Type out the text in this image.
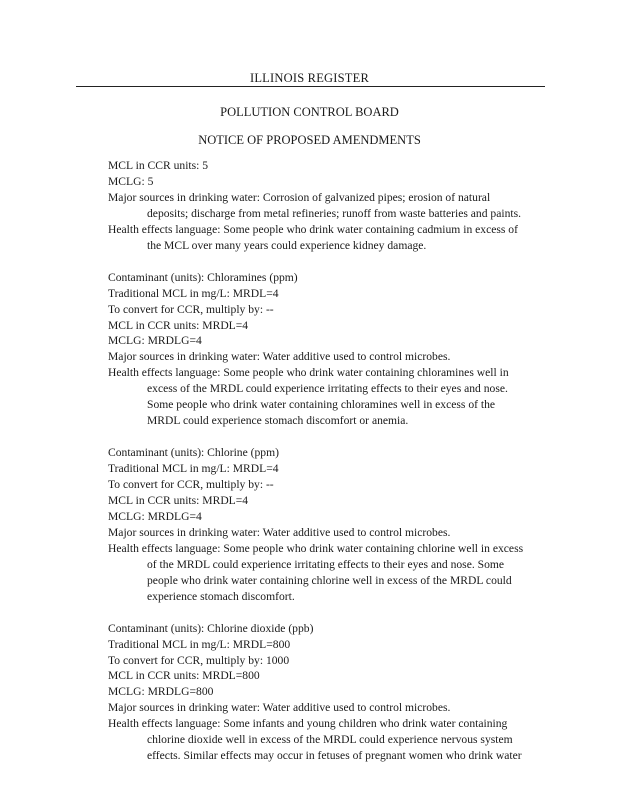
ILLINOIS REGISTER
POLLUTION CONTROL BOARD
NOTICE OF PROPOSED AMENDMENTS
MCL in CCR units: 5
MCLG: 5
Major sources in drinking water: Corrosion of galvanized pipes; erosion of natural
deposits; discharge from metal refineries; runoff from waste batteries and paints.
Health effects language: Some people who drink water containing cadmium in excess of
the MCL over many years could experience kidney damage.
Contaminant (units): Chloramines (ppm)
Traditional MCL in mg/L: MRDL=4
To convert for CCR, multiply by: --
MCL in CCR units: MRDL=4
MCLG: MRDLG=4
Major sources in drinking water: Water additive used to control microbes.
Health effects language: Some people who drink water containing chloramines well in
excess of the MRDL could experience irritating effects to their eyes and nose.
Some people who drink water containing chloramines well in excess of the
MRDL could experience stomach discomfort or anemia.
Contaminant (units): Chlorine (ppm)
Traditional MCL in mg/L: MRDL=4
To convert for CCR, multiply by: --
MCL in CCR units: MRDL=4
MCLG: MRDLG=4
Major sources in drinking water: Water additive used to control microbes.
Health effects language: Some people who drink water containing chlorine well in excess
of the MRDL could experience irritating effects to their eyes and nose. Some
people who drink water containing chlorine well in excess of the MRDL could
experience stomach discomfort.
Contaminant (units): Chlorine dioxide (ppb)
Traditional MCL in mg/L: MRDL=800
To convert for CCR, multiply by: 1000
MCL in CCR units: MRDL=800
MCLG: MRDLG=800
Major sources in drinking water: Water additive used to control microbes.
Health effects language: Some infants and young children who drink water containing
chlorine dioxide well in excess of the MRDL could experience nervous system
effects. Similar effects may occur in fetuses of pregnant women who drink water
